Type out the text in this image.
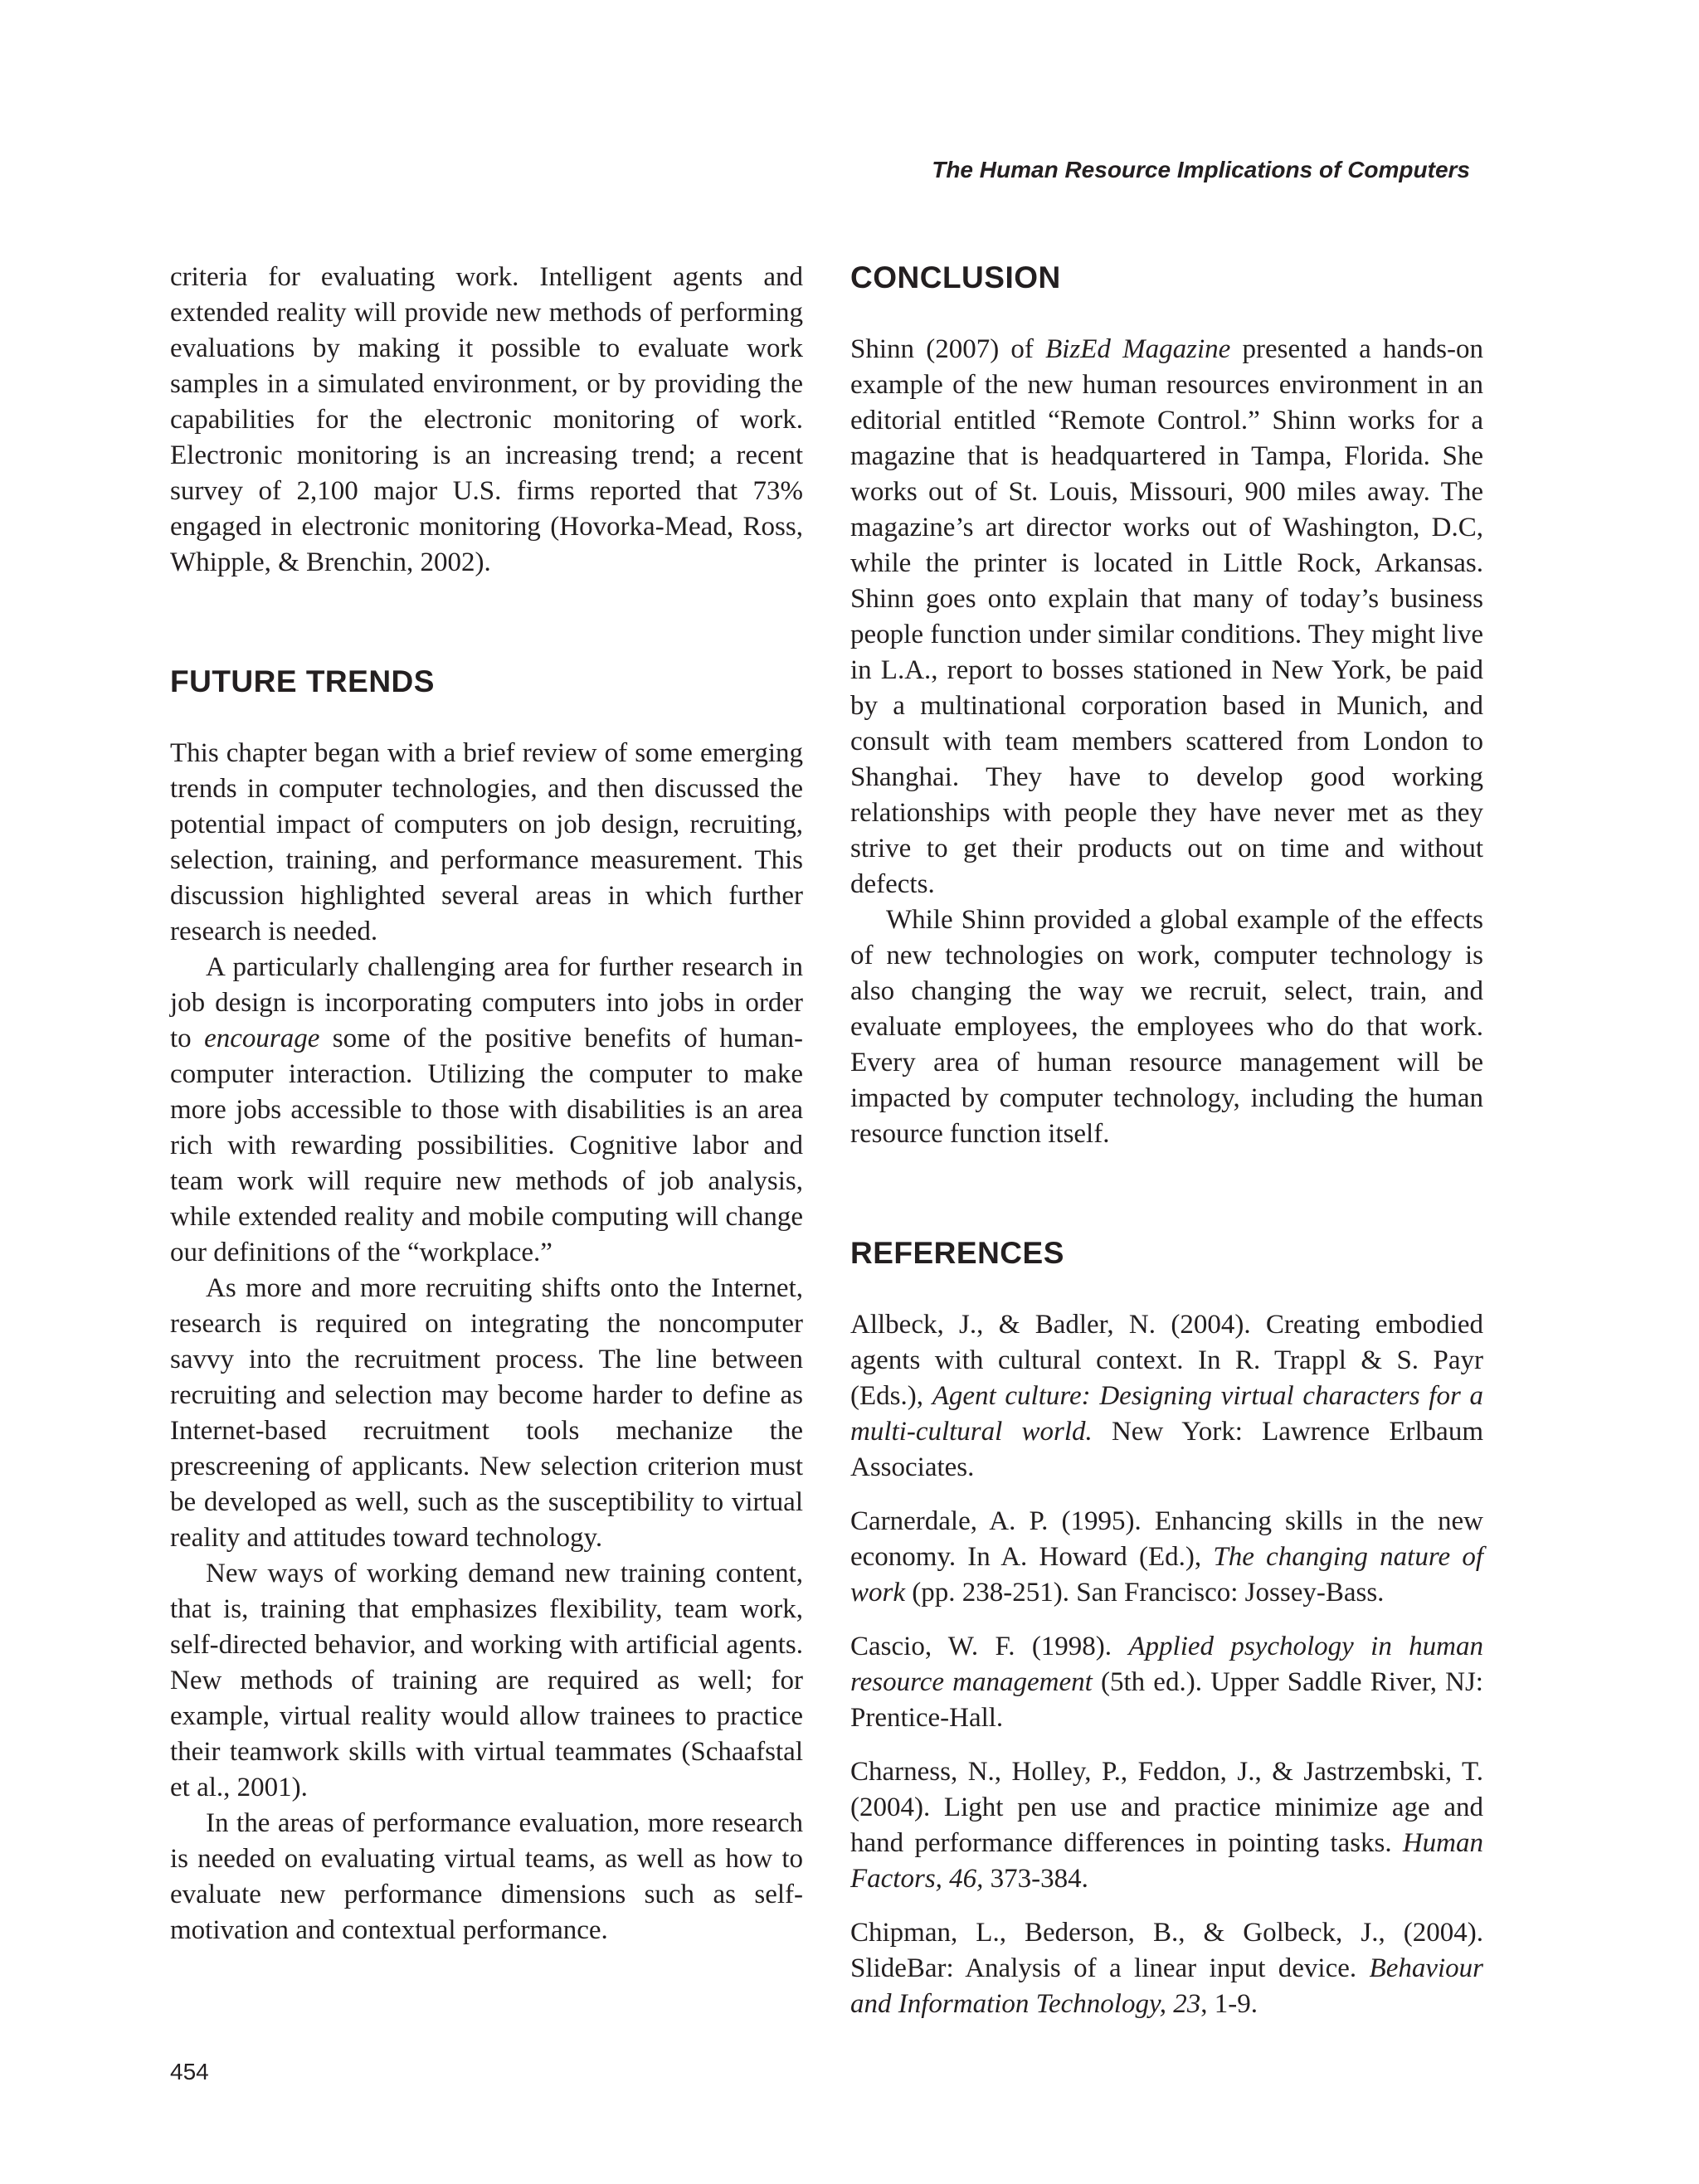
The Human Resource Implications of Computers

criteria for evaluating work. Intelligent agents and extended reality will provide new methods of performing evaluations by making it possible to evaluate work samples in a simulated environment, or by providing the capabilities for the electronic monitoring of work. Electronic monitoring is an increasing trend; a recent survey of 2,100 major U.S. firms reported that 73% engaged in electronic monitoring (Hovorka-Mead, Ross, Whipple, & Brenchin, 2002).

FUTURE TRENDS

This chapter began with a brief review of some emerging trends in computer technologies, and then discussed the potential impact of computers on job design, recruiting, selection, training, and performance measurement. This discussion highlighted several areas in which further research is needed.

A particularly challenging area for further research in job design is incorporating computers into jobs in order to encourage some of the positive benefits of human-computer interaction. Utilizing the computer to make more jobs accessible to those with disabilities is an area rich with rewarding possibilities. Cognitive labor and team work will require new methods of job analysis, while extended reality and mobile computing will change our definitions of the “workplace.”

As more and more recruiting shifts onto the Internet, research is required on integrating the noncomputer savvy into the recruitment process. The line between recruiting and selection may become harder to define as Internet-based recruitment tools mechanize the prescreening of applicants. New selection criterion must be developed as well, such as the susceptibility to virtual reality and attitudes toward technology.

New ways of working demand new training content, that is, training that emphasizes flexibility, team work, self-directed behavior, and working with artificial agents. New methods of training are required as well; for example, virtual reality would allow trainees to practice their teamwork skills with virtual teammates (Schaafstal et al., 2001).

In the areas of performance evaluation, more research is needed on evaluating virtual teams, as well as how to evaluate new performance dimensions such as self-motivation and contextual performance.

CONCLUSION

Shinn (2007) of BizEd Magazine presented a hands-on example of the new human resources environment in an editorial entitled “Remote Control.” Shinn works for a magazine that is headquartered in Tampa, Florida. She works out of St. Louis, Missouri, 900 miles away. The magazine’s art director works out of Washington, D.C, while the printer is located in Little Rock, Arkansas. Shinn goes onto explain that many of today’s business people function under similar conditions. They might live in L.A., report to bosses stationed in New York, be paid by a multinational corporation based in Munich, and consult with team members scattered from London to Shanghai. They have to develop good working relationships with people they have never met as they strive to get their products out on time and without defects.

While Shinn provided a global example of the effects of new technologies on work, computer technology is also changing the way we recruit, select, train, and evaluate employees, the employees who do that work. Every area of human resource management will be impacted by computer technology, including the human resource function itself.

REFERENCES
Allbeck, J., & Badler, N. (2004). Creating embodied agents with cultural context. In R. Trappl & S. Payr (Eds.), Agent culture: Designing virtual characters for a multi-cultural world. New York: Lawrence Erlbaum Associates.
Carnerdale, A. P. (1995). Enhancing skills in the new economy. In A. Howard (Ed.), The changing nature of work (pp. 238-251). San Francisco: Jossey-Bass.
Cascio, W. F. (1998). Applied psychology in human resource management (5th ed.). Upper Saddle River, NJ: Prentice-Hall.
Charness, N., Holley, P., Feddon, J., & Jastrzembski, T. (2004). Light pen use and practice minimize age and hand performance differences in pointing tasks. Human Factors, 46, 373-384.
Chipman, L., Bederson, B., & Golbeck, J., (2004). SlideBar: Analysis of a linear input device. Behaviour and Information Technology, 23, 1-9.
454
